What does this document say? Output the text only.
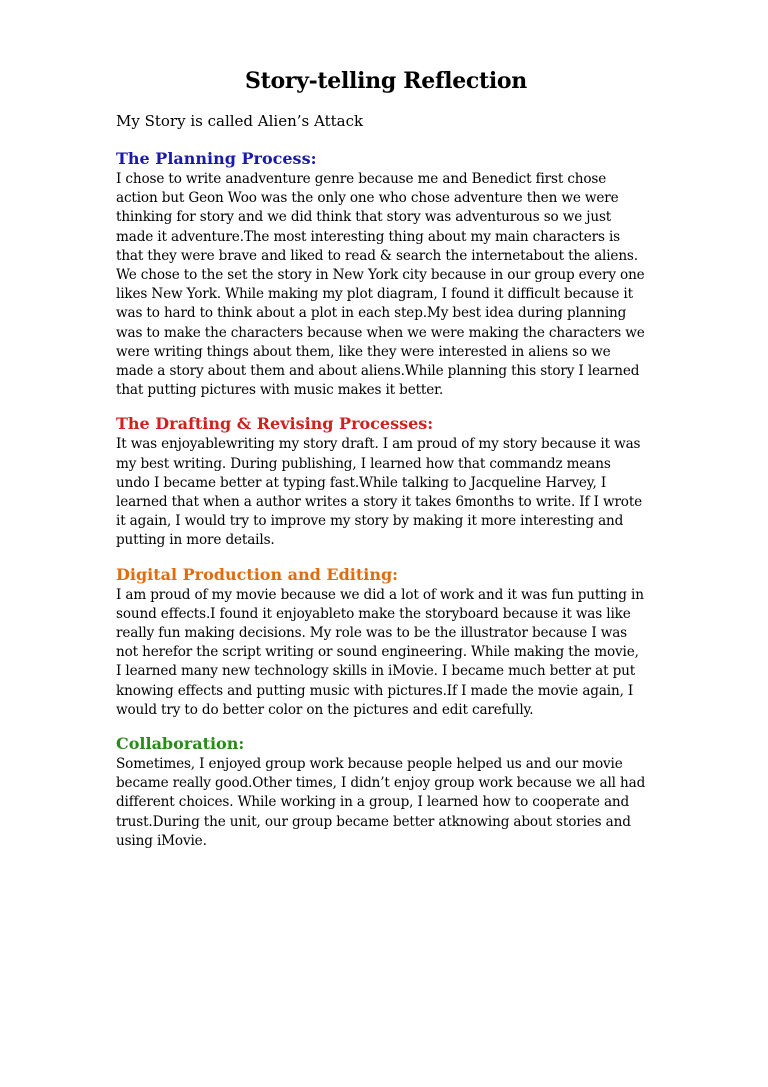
Story-telling Reflection

My Story is called Alien’s Attack

The Planning Process:

I chose to write anadventure genre because me and Benedict first chose
action but Geon Woo was the only one who chose adventure then we were
thinking for story and we did think that story was adventurous so we just
made it adventure.The most interesting thing about my main characters is
that they were brave and liked to read & search the internetabout the aliens.
We chose to the set the story in New York city because in our group every one
likes New York. While making my plot diagram, I found it difficult because it
was to hard to think about a plot in each step.My best idea during planning
was to make the characters because when we were making the characters we
were writing things about them, like they were interested in aliens so we
made a story about them and about aliens.While planning this story I learned
that putting pictures with music makes it better.

The Drafting & Revising Processes:

It was enjoyablewriting my story draft. I am proud of my story because it was
my best writing. During publishing, I learned how that commandz means
undo I became better at typing fast.While talking to Jacqueline Harvey, I
learned that when a author writes a story it takes 6months to write. If I wrote
it again, I would try to improve my story by making it more interesting and
putting in more details.

Digital Production and Editing:

I am proud of my movie because we did a lot of work and it was fun putting in
sound effects.I found it enjoyableto make the storyboard because it was like
really fun making decisions. My role was to be the illustrator because I was
not herefor the script writing or sound engineering. While making the movie,
I learned many new technology skills in iMovie. I became much better at put
knowing effects and putting music with pictures.If I made the movie again, I
would try to do better color on the pictures and edit carefully.

Collaboration:

Sometimes, I enjoyed group work because people helped us and our movie
became really good.Other times, I didn’t enjoy group work because we all had
different choices. While working in a group, I learned how to cooperate and
trust.During the unit, our group became better atknowing about stories and
using iMovie.
